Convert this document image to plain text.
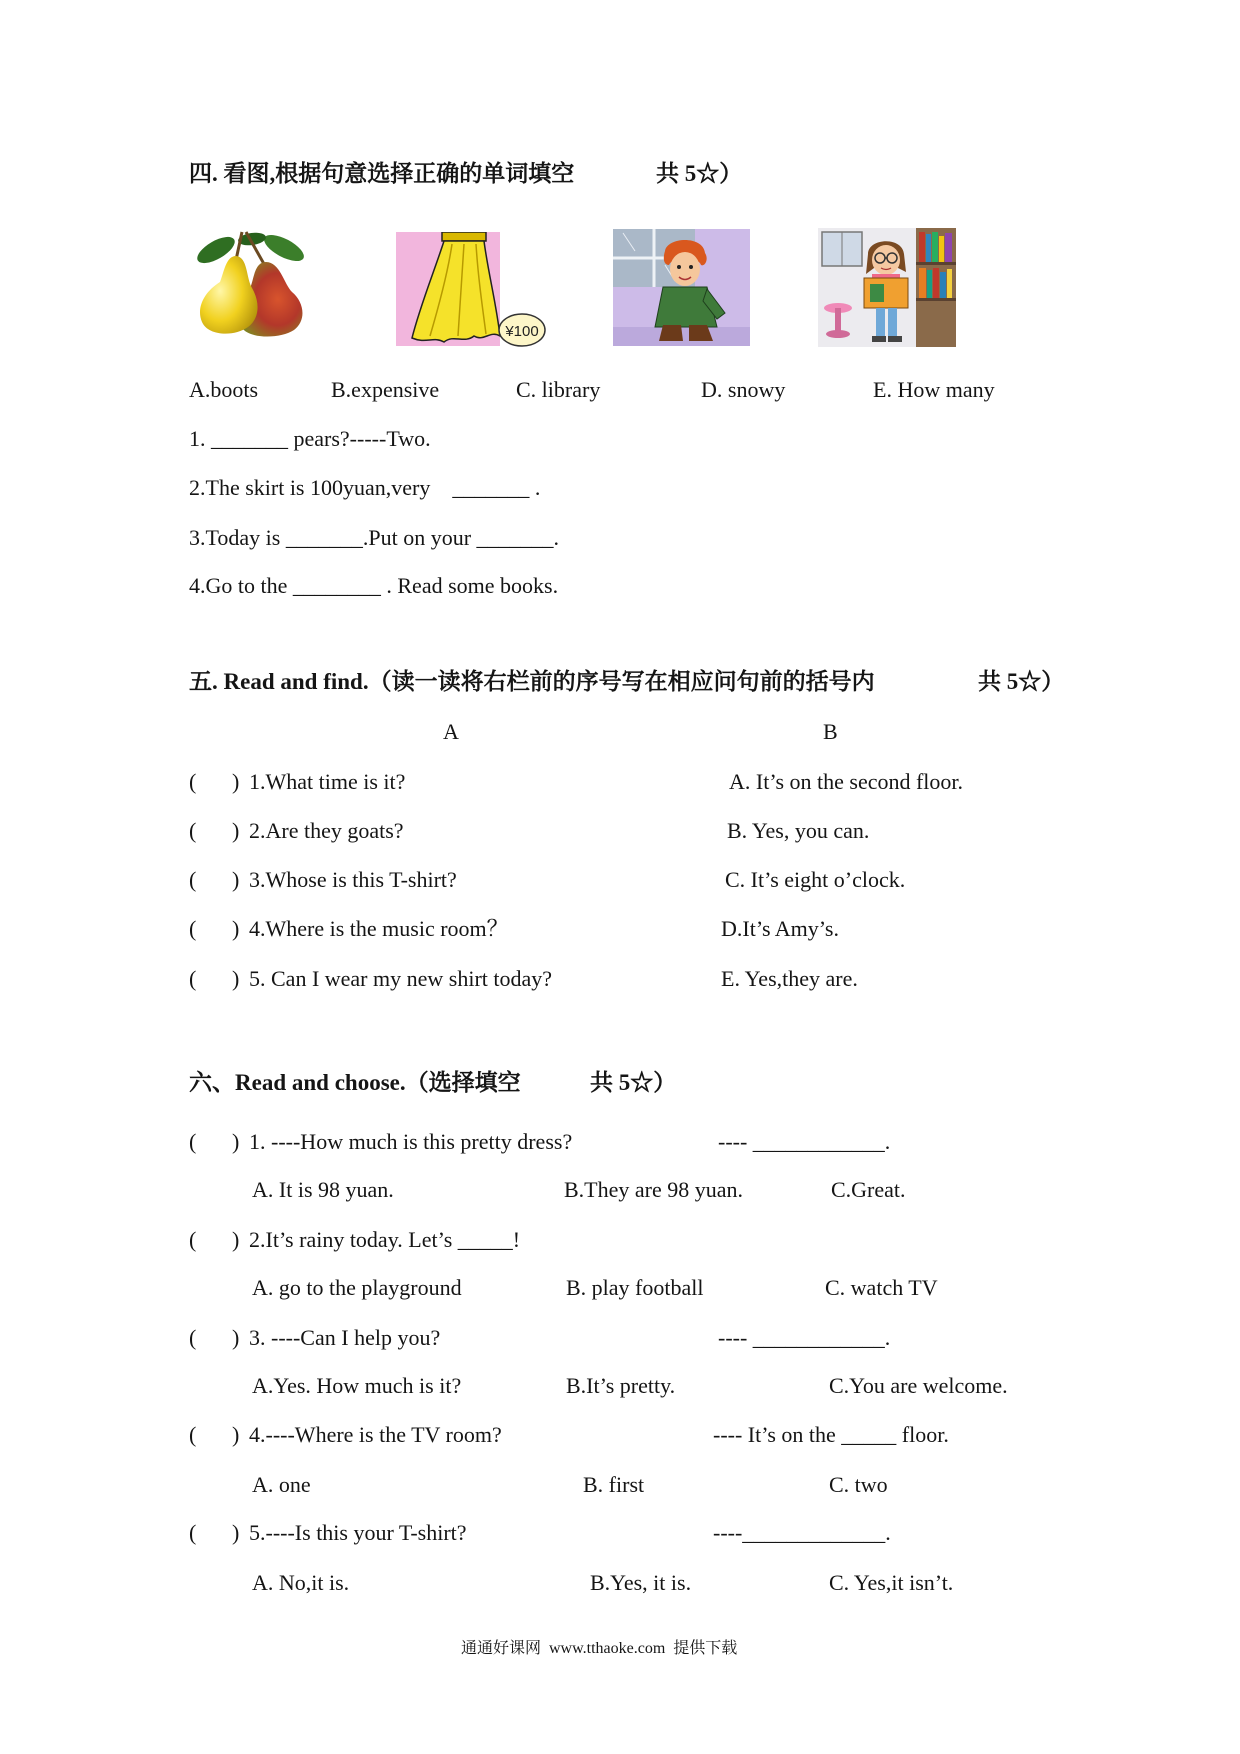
四. 看图,根据句意选择正确的单词填空	共 5☆）
¥100
A.boots	B.expensive	C. library	D. snowy	E. How many
1. _______ pears?-----Two.
2.The skirt is 100yuan,very    _______ .
3.Today is _______.Put on your _______.
4.Go to the ________ . Read some books.
五. Read and find.（读一读将右栏前的序号写在相应问句前的括号内	共 5☆）
A	B
( ) 1.What time is it?	A. It’s on the second floor.
( ) 2.Are they goats?	B. Yes, you can.
( ) 3.Whose is this T-shirt?	C. It’s eight o’clock.
( ) 4.Where is the music room？	D.It’s Amy’s.
( ) 5. Can I wear my new shirt today?	E. Yes,they are.
六、Read and choose.（选择填空	共 5☆）
( ) 1. ----How much is this pretty dress?	---- ____________.
A. It is 98 yuan.	B.They are 98 yuan.	C.Great.
( ) 2.It’s rainy today. Let’s _____!
A. go to the playground	B. play football	C. watch TV
( ) 3. ----Can I help you?	---- ____________.
A.Yes. How much is it?	B.It’s pretty.	C.You are welcome.
( ) 4.----Where is the TV room?	---- It’s on the _____ floor.
A. one	B. first	C. two
( ) 5.----Is this your T-shirt?	----_____________.
A. No,it is.	B.Yes, it is.	C. Yes,it isn’t.
通通好课网  www.tthaoke.com  提供下载
